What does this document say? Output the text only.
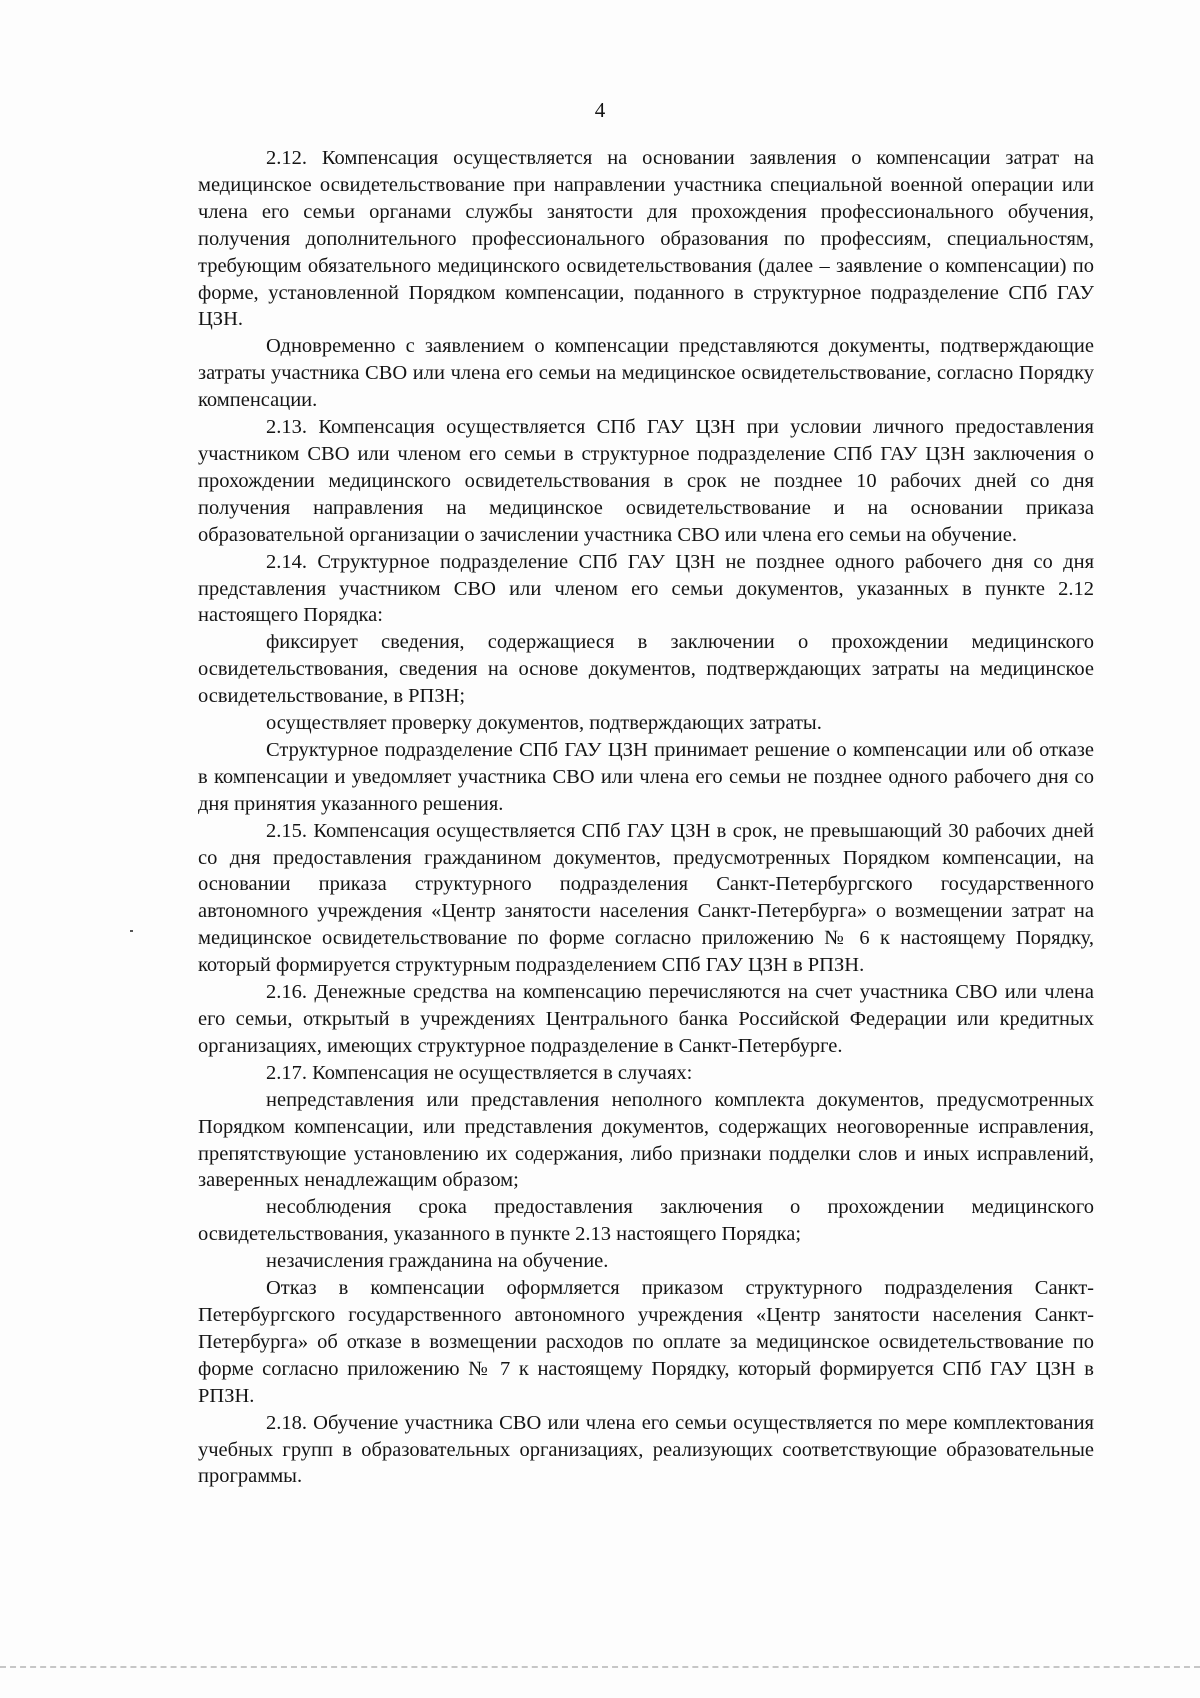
4

2.12. Компенсация осуществляется на основании заявления о компенсации затрат на медицинское освидетельствование при направлении участника специальной военной операции или члена его семьи органами службы занятости для прохождения профессионального обучения, получения дополнительного профессионального образования по профессиям, специальностям, требующим обязательного медицинского освидетельствования (далее – заявление о компенсации) по форме, установленной Порядком компенсации, поданного в структурное подразделение СПб ГАУ ЦЗН.

Одновременно с заявлением о компенсации представляются документы, подтверждающие затраты участника СВО или члена его семьи на медицинское освидетельствование, согласно Порядку компенсации.

2.13. Компенсация осуществляется СПб ГАУ ЦЗН при условии личного предоставления участником СВО или членом его семьи в структурное подразделение СПб ГАУ ЦЗН заключения о прохождении медицинского освидетельствования в срок не позднее 10 рабочих дней со дня получения направления на медицинское освидетельствование и на основании приказа образовательной организации о зачислении участника СВО или члена его семьи на обучение.

2.14. Структурное подразделение СПб ГАУ ЦЗН не позднее одного рабочего дня со дня представления участником СВО или членом его семьи документов, указанных в пункте 2.12 настоящего Порядка:

фиксирует сведения, содержащиеся в заключении о прохождении медицинского освидетельствования, сведения на основе документов, подтверждающих затраты на медицинское освидетельствование, в РПЗН;

осуществляет проверку документов, подтверждающих затраты.

Структурное подразделение СПб ГАУ ЦЗН принимает решение о компенсации или об отказе в компенсации и уведомляет участника СВО или члена его семьи не позднее одного рабочего дня со дня принятия указанного решения.

2.15. Компенсация осуществляется СПб ГАУ ЦЗН в срок, не превышающий 30 рабочих дней со дня предоставления гражданином документов, предусмотренных Порядком компенсации, на основании приказа структурного подразделения Санкт-Петербургского государственного автономного учреждения «Центр занятости населения Санкт-Петербурга» о возмещении затрат на медицинское освидетельствование по форме согласно приложению № 6 к настоящему Порядку, который формируется структурным подразделением СПб ГАУ ЦЗН в РПЗН.

2.16. Денежные средства на компенсацию перечисляются на счет участника СВО или члена его семьи, открытый в учреждениях Центрального банка Российской Федерации или кредитных организациях, имеющих структурное подразделение в Санкт-Петербурге.

2.17. Компенсация не осуществляется в случаях:

непредставления или представления неполного комплекта документов, предусмотренных Порядком компенсации, или представления документов, содержащих неоговоренные исправления, препятствующие установлению их содержания, либо признаки подделки слов и иных исправлений, заверенных ненадлежащим образом;

несоблюдения срока предоставления заключения о прохождении медицинского освидетельствования, указанного в пункте 2.13 настоящего Порядка;

незачисления гражданина на обучение.

Отказ в компенсации оформляется приказом структурного подразделения Санкт-Петербургского государственного автономного учреждения «Центр занятости населения Санкт-Петербурга» об отказе в возмещении расходов по оплате за медицинское освидетельствование по форме согласно приложению № 7 к настоящему Порядку, который формируется СПб ГАУ ЦЗН в РПЗН.

2.18. Обучение участника СВО или члена его семьи осуществляется по мере комплектования учебных групп в образовательных организациях, реализующих соответствующие образовательные программы.
